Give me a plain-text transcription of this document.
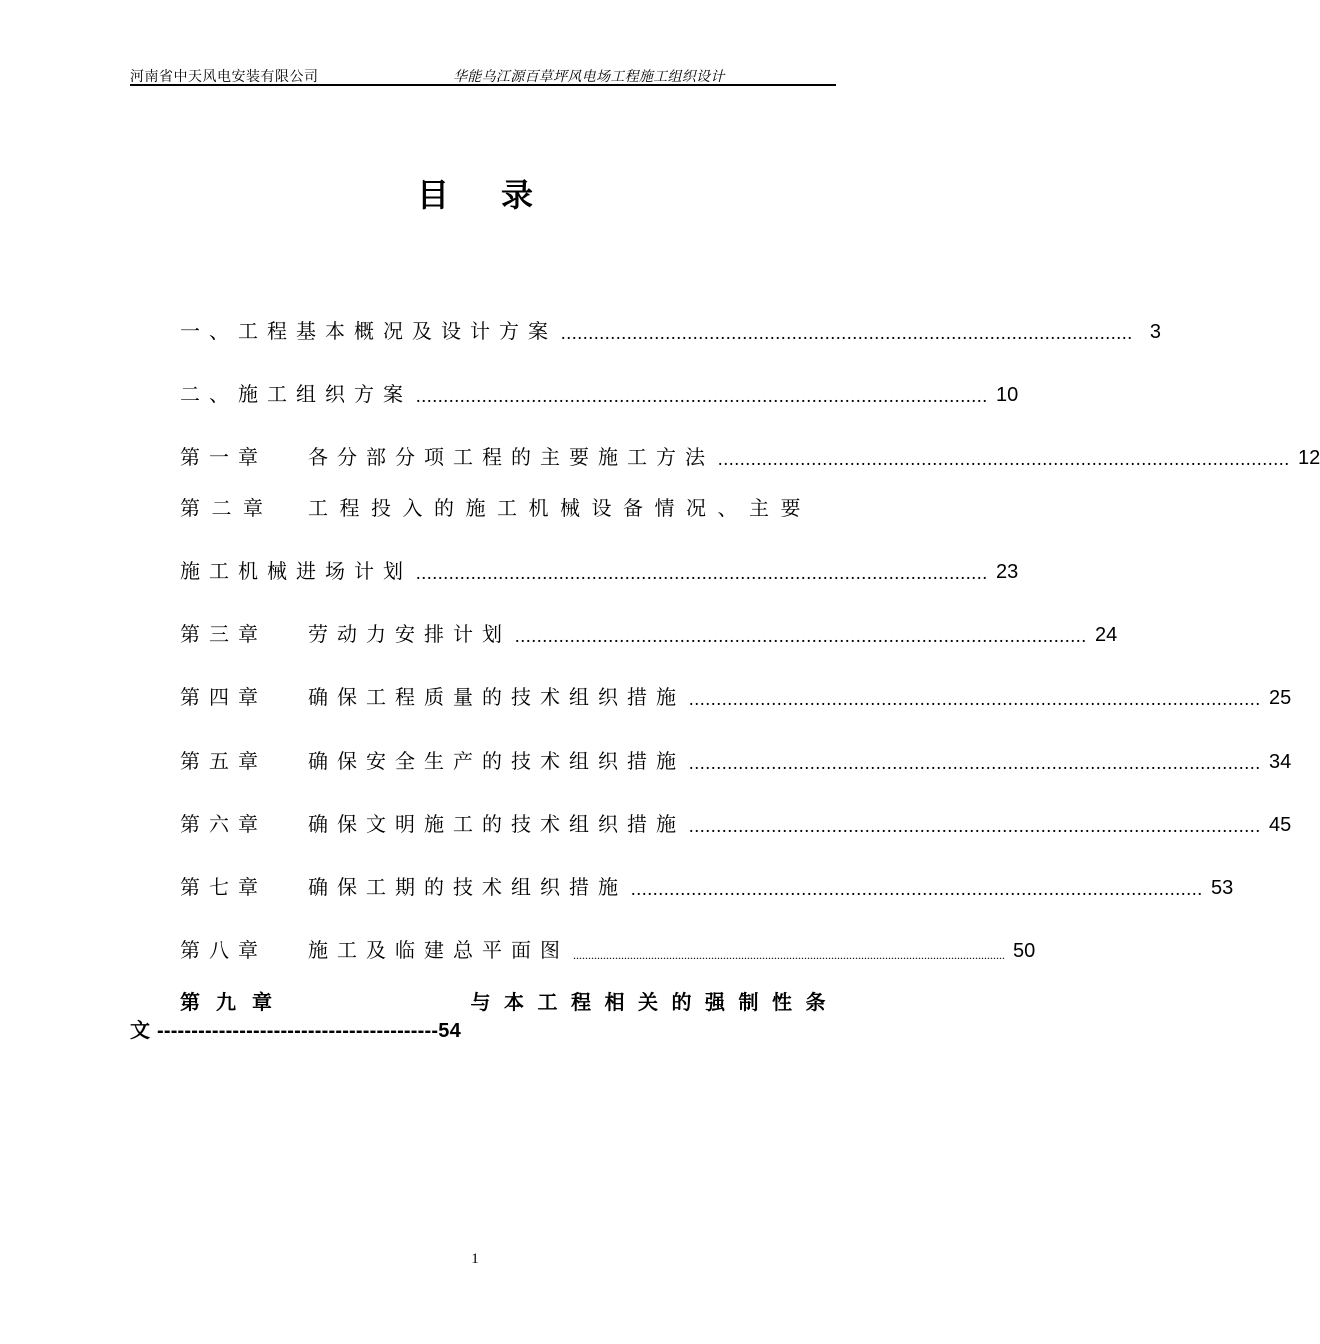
河南省中天风电安装有限公司	华能乌江源百草坪风电场工程施工组织设计
目录
一、工程基本概况及设计方案 ........................................................................................................ 3
二、施工组织方案 ........................................................................................................ 10
第一章 各分部分项工程的主要施工方法 ........................................................................................................ 12
第二章 工程投入的施工机械设备情况、主要
施工机械进场计划 ........................................................................................................ 23
第三章 劳动力安排计划 ........................................................................................................ 24
第四章 确保工程质量的技术组织措施 ........................................................................................................ 25
第五章 确保安全生产的技术组织措施 ........................................................................................................ 34
第六章 确保文明施工的技术组织措施 ........................................................................................................ 45
第七章 确保工期的技术组织措施 ........................................................................................................ 53
第八章 施工及临建总平面图 ................................................................................................................................................ 50
第九章	与本工程相关的强制性条
文 -----------------------------------------54
1
